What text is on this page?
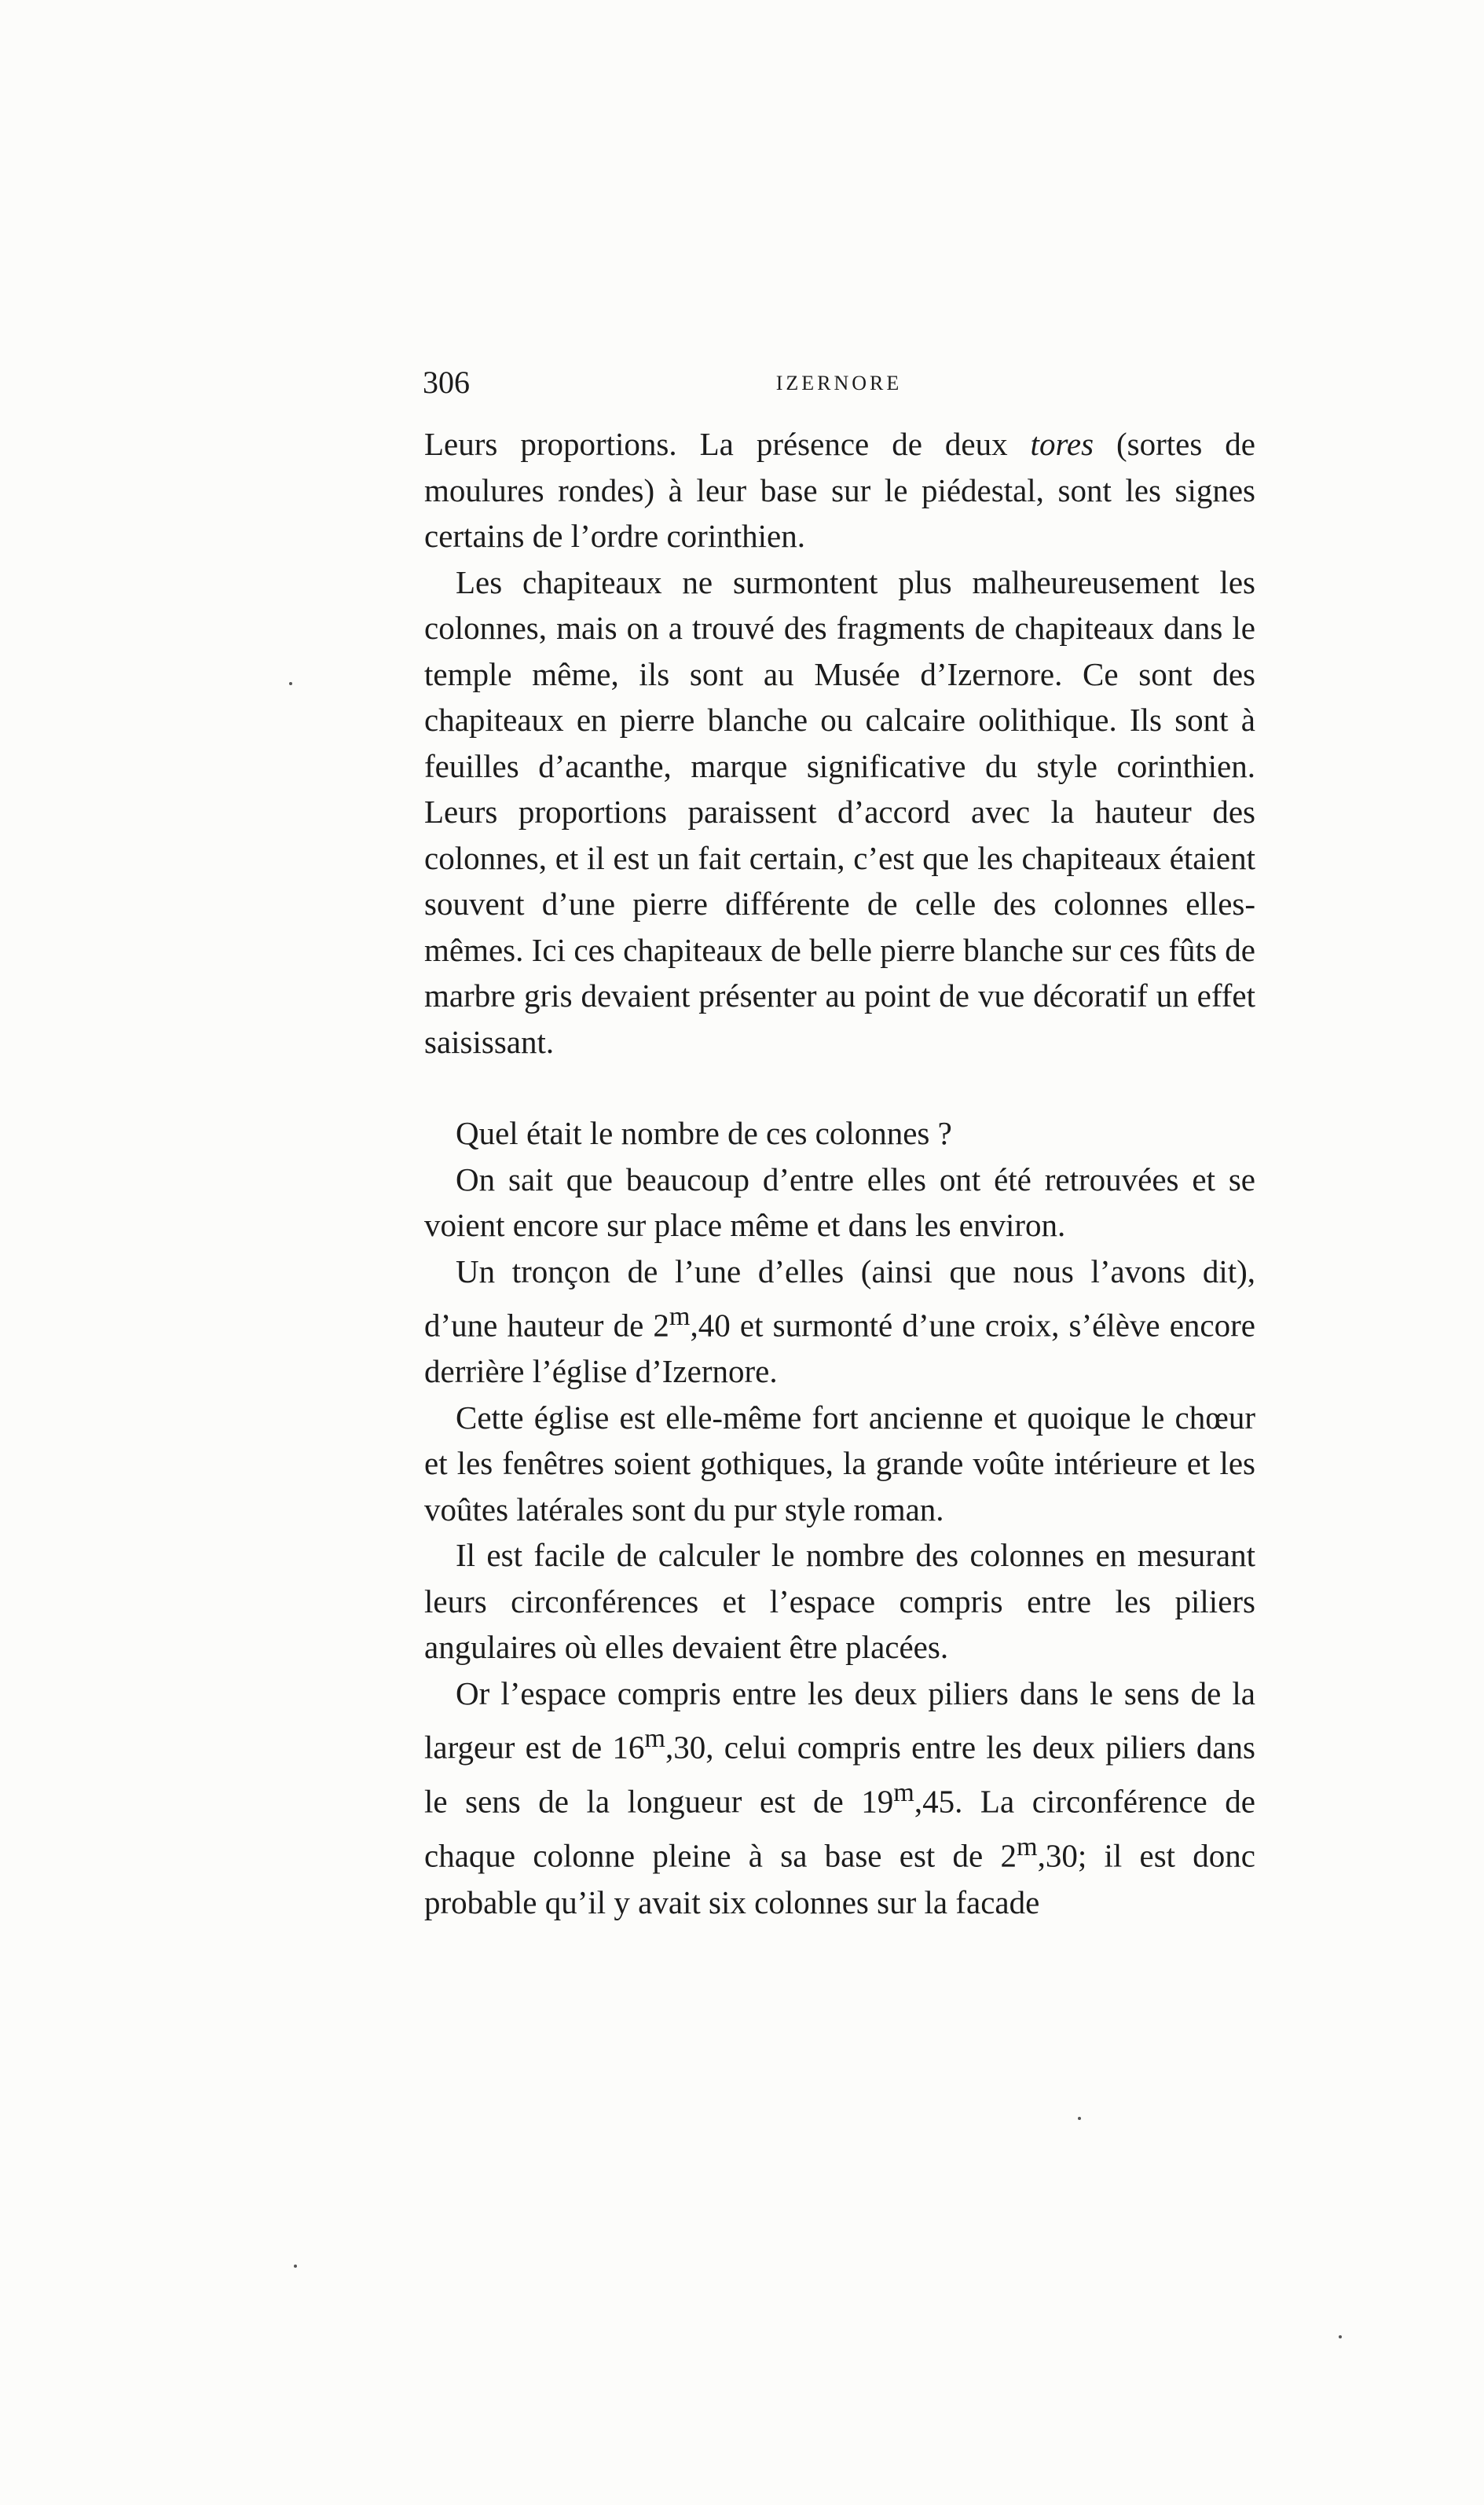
306	IZERNORE

Leurs proportions. La présence de deux tores (sortes de moulures rondes) à leur base sur le piédestal, sont les signes certains de l’ordre corinthien.

Les chapiteaux ne surmontent plus malheureusement les colonnes, mais on a trouvé des fragments de chapiteaux dans le temple même, ils sont au Musée d’Izernore. Ce sont des chapiteaux en pierre blanche ou calcaire oolithique. Ils sont à feuilles d’acanthe, marque significative du style corinthien. Leurs proportions paraissent d’accord avec la hauteur des colonnes, et il est un fait certain, c’est que les chapiteaux étaient souvent d’une pierre différente de celle des colonnes elles-mêmes. Ici ces chapiteaux de belle pierre blanche sur ces fûts de marbre gris devaient présenter au point de vue décoratif un effet saisissant.

Quel était le nombre de ces colonnes ?

On sait que beaucoup d’entre elles ont été retrouvées et se voient encore sur place même et dans les environ.

Un tronçon de l’une d’elles (ainsi que nous l’avons dit), d’une hauteur de 2$^m$,40 et surmonté d’une croix, s’élève encore derrière l’église d’Izernore.

Cette église est elle-même fort ancienne et quoique le chœur et les fenêtres soient gothiques, la grande voûte intérieure et les voûtes latérales sont du pur style roman.

Il est facile de calculer le nombre des colonnes en mesurant leurs circonférences et l’espace compris entre les piliers angulaires où elles devaient être placées.

Or l’espace compris entre les deux piliers dans le sens de la largeur est de 16$^m$,30, celui compris entre les deux piliers dans le sens de la longueur est de 19$^m$,45. La circonférence de chaque colonne pleine à sa base est de 2$^m$,30; il est donc probable qu’il y avait six colonnes sur la facade
